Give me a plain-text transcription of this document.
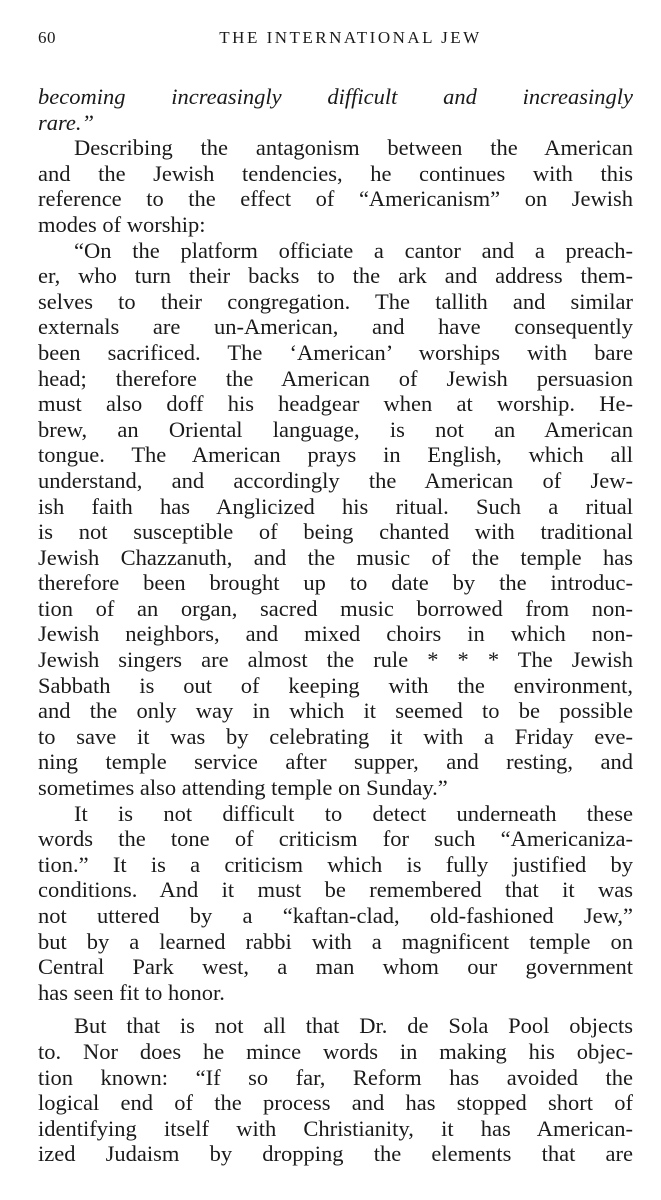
60	THE INTERNATIONAL JEW
becoming increasingly difficult and increasingly
rare.”
Describing the antagonism between the American
and the Jewish tendencies, he continues with this
reference to the effect of “Americanism” on Jewish
modes of worship:
“On the platform officiate a cantor and a preach-
er, who turn their backs to the ark and address them-
selves to their congregation. The tallith and similar
externals are un-American, and have consequently
been sacrificed. The ‘American’ worships with bare
head; therefore the American of Jewish persuasion
must also doff his headgear when at worship. He-
brew, an Oriental language, is not an American
tongue. The American prays in English, which all
understand, and accordingly the American of Jew-
ish faith has Anglicized his ritual. Such a ritual
is not susceptible of being chanted with traditional
Jewish Chazzanuth, and the music of the temple has
therefore been brought up to date by the introduc-
tion of an organ, sacred music borrowed from non-
Jewish neighbors, and mixed choirs in which non-
Jewish singers are almost the rule * * * The Jewish
Sabbath is out of keeping with the environment,
and the only way in which it seemed to be possible
to save it was by celebrating it with a Friday eve-
ning temple service after supper, and resting, and
sometimes also attending temple on Sunday.”
It is not difficult to detect underneath these
words the tone of criticism for such “Americaniza-
tion.” It is a criticism which is fully justified by
conditions. And it must be remembered that it was
not uttered by a “kaftan-clad, old-fashioned Jew,”
but by a learned rabbi with a magnificent temple on
Central Park west, a man whom our government
has seen fit to honor.
But that is not all that Dr. de Sola Pool objects
to. Nor does he mince words in making his objec-
tion known: “If so far, Reform has avoided the
logical end of the process and has stopped short of
identifying itself with Christianity, it has American-
ized Judaism by dropping the elements that are
